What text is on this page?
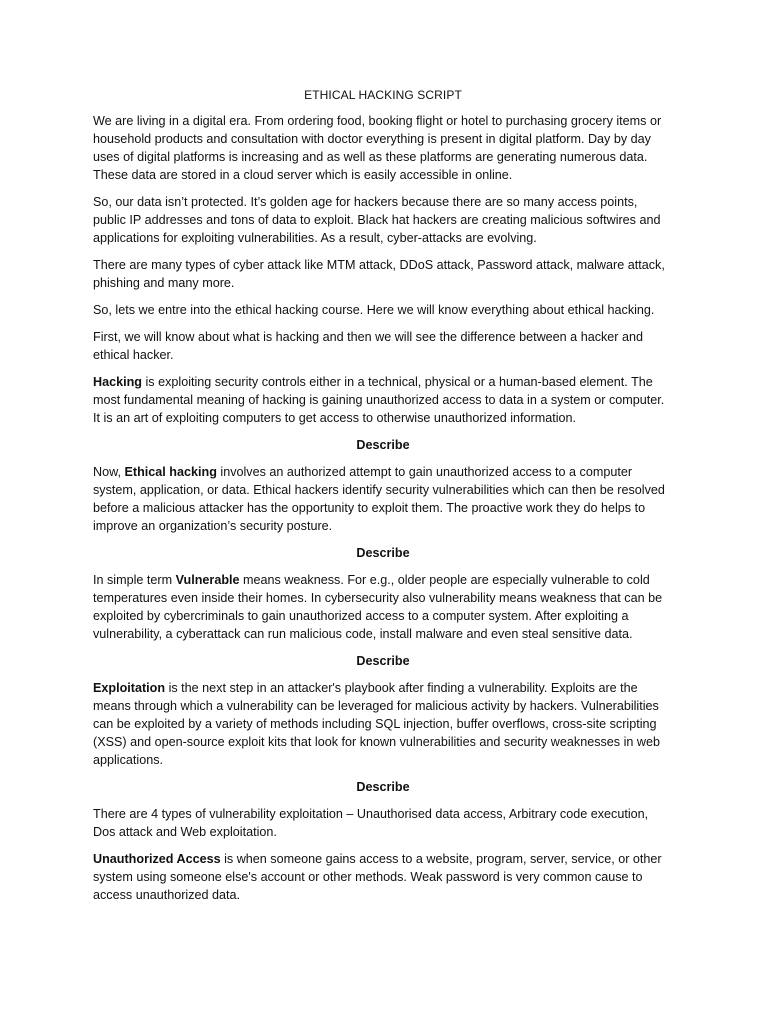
ETHICAL HACKING SCRIPT

We are living in a digital era. From ordering food, booking flight or hotel to purchasing grocery items or household products and consultation with doctor everything is present in digital platform. Day by day uses of digital platforms is increasing and as well as these platforms are generating numerous data. These data are stored in a cloud server which is easily accessible in online.

So, our data isn’t protected. It’s golden age for hackers because there are so many access points, public IP addresses and tons of data to exploit. Black hat hackers are creating malicious softwires and applications for exploiting vulnerabilities. As a result, cyber-attacks are evolving.

There are many types of cyber attack like MTM attack, DDoS attack, Password attack, malware attack, phishing and many more.

So, lets we entre into the ethical hacking course. Here we will know everything about ethical hacking.

First, we will know about what is hacking and then we will see the difference between a hacker and ethical hacker.

Hacking is exploiting security controls either in a technical, physical or a human-based element. The most fundamental meaning of hacking is gaining unauthorized access to data in a system or computer. It is an art of exploiting computers to get access to otherwise unauthorized information.

Describe

Now, Ethical hacking involves an authorized attempt to gain unauthorized access to a computer system, application, or data. Ethical hackers identify security vulnerabilities which can then be resolved before a malicious attacker has the opportunity to exploit them. The proactive work they do helps to improve an organization’s security posture.

Describe

In simple term Vulnerable means weakness. For e.g., older people are especially vulnerable to cold temperatures even inside their homes. In cybersecurity also vulnerability means weakness that can be exploited by cybercriminals to gain unauthorized access to a computer system. After exploiting a vulnerability, a cyberattack can run malicious code, install malware and even steal sensitive data.

Describe

Exploitation is the next step in an attacker's playbook after finding a vulnerability. Exploits are the means through which a vulnerability can be leveraged for malicious activity by hackers. Vulnerabilities can be exploited by a variety of methods including SQL injection, buffer overflows, cross-site scripting (XSS) and open-source exploit kits that look for known vulnerabilities and security weaknesses in web applications.

Describe

There are 4 types of vulnerability exploitation – Unauthorised data access, Arbitrary code execution, Dos attack and Web exploitation.

Unauthorized Access is when someone gains access to a website, program, server, service, or other system using someone else's account or other methods. Weak password is very common cause to access unauthorized data.
